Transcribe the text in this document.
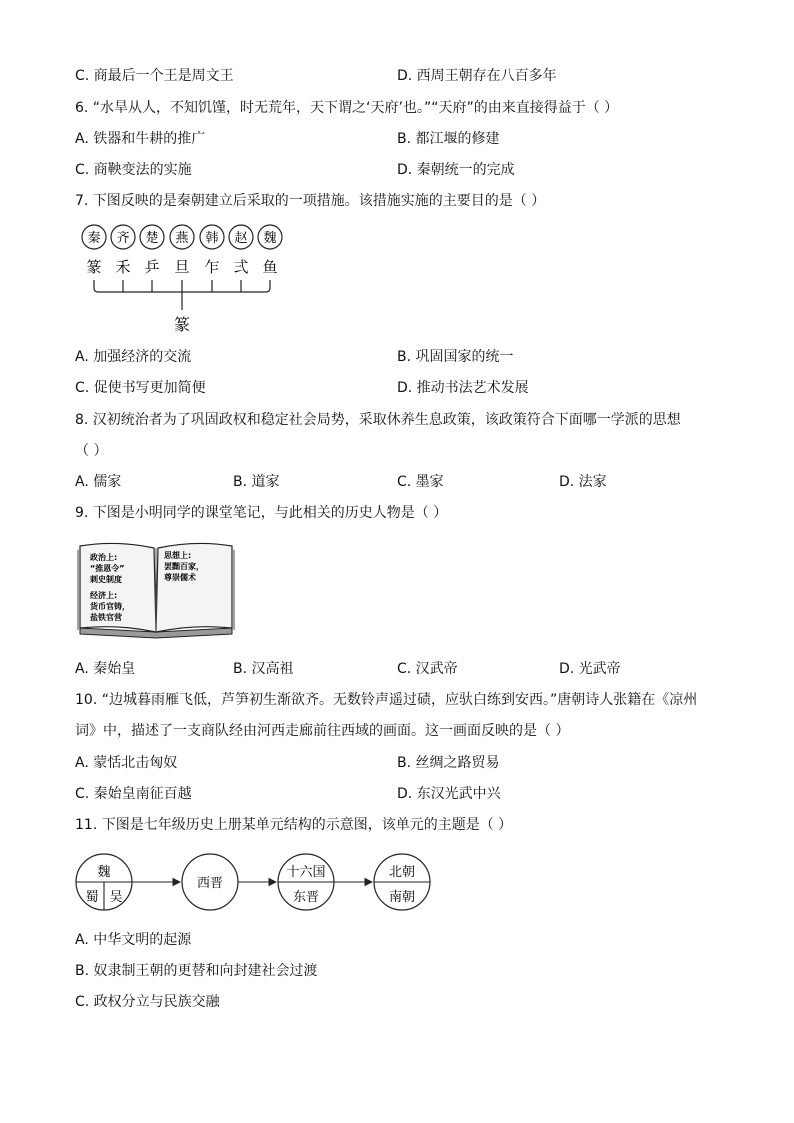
C. 商最后一个王是周文王	D. 西周王朝存在八百多年
6. “水旱从人，不知饥馑，时无荒年，天下谓之‘天府’也。”“天府”的由来直接得益于（ ）
A. 铁器和牛耕的推广	B. 都江堰的修建
C. 商鞅变法的实施	D. 秦朝统一的完成
7. 下图反映的是秦朝建立后采取的一项措施。该措施实施的主要目的是（ ）
秦 齐 楚 燕 韩 赵 魏
篆 禾 乒 旦 乍 弍 鱼
篆
A. 加强经济的交流	B. 巩固国家的统一
C. 促使书写更加简便	D. 推动书法艺术发展
8. 汉初统治者为了巩固政权和稳定社会局势，采取休养生息政策，该政策符合下面哪一学派的思想
（ ）
A. 儒家	B. 道家	C. 墨家	D. 法家
9. 下图是小明同学的课堂笔记，与此相关的历史人物是（ ）
政治上:
“推恩令”
刺史制度
经济上:
货币官铸，
盐铁官营
思想上:
罢黜百家，
尊崇儒术
A. 秦始皇	B. 汉高祖	C. 汉武帝	D. 光武帝
10. “边城暮雨雁飞低，芦笋初生渐欲齐。无数铃声遥过碛，应驮白练到安西。”唐朝诗人张籍在《凉州
词》中，描述了一支商队经由河西走廊前往西域的画面。这一画面反映的是（ ）
A. 蒙恬北击匈奴	B. 丝绸之路贸易
C. 秦始皇南征百越	D. 东汉光武中兴
11. 下图是七年级历史上册某单元结构的示意图，该单元的主题是（ ）
魏
蜀 吴
西晋
十六国
东晋
北朝
南朝
A. 中华文明的起源
B. 奴隶制王朝的更替和向封建社会过渡
C. 政权分立与民族交融
